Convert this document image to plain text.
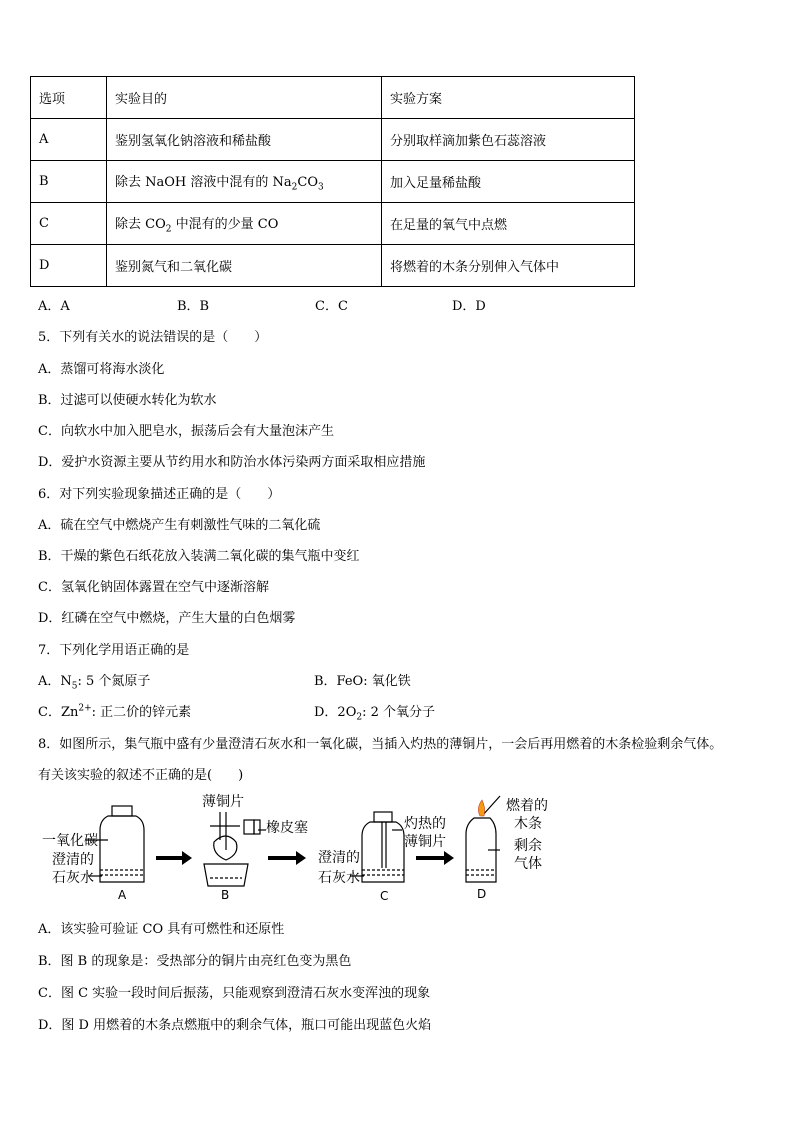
选项	实验目的	实验方案
A	鉴别氢氧化钠溶液和稀盐酸	分别取样滴加紫色石蕊溶液
B	除去 NaOH 溶液中混有的 $Na_2CO_3$	加入足量稀盐酸
C	除去 $CO_2$ 中混有的少量 CO	在足量的氧气中点燃
D	鉴别氮气和二氧化碳	将燃着的木条分别伸入气体中
A．A	B．B	C．C	D．D
5．下列有关水的说法错误的是（　　）
A．蒸馏可将海水淡化
B．过滤可以使硬水转化为软水
C．向软水中加入肥皂水，振荡后会有大量泡沫产生
D．爱护水资源主要从节约用水和防治水体污染两方面采取相应措施
6．对下列实验现象描述正确的是（　　）
A．硫在空气中燃烧产生有刺激性气味的二氧化硫
B．干燥的紫色石纸花放入装满二氧化碳的集气瓶中变红
C．氢氧化钠固体露置在空气中逐渐溶解
D．红磷在空气中燃烧，产生大量的白色烟雾
7．下列化学用语正确的是
A．$N_5$: 5 个氮原子	B．FeO: 氧化铁
C．$Zn^{2+}$: 正二价的锌元素	D．$2O_2$: 2 个氧分子
8．如图所示，集气瓶中盛有少量澄清石灰水和一氧化碳，当插入灼热的薄铜片，一会后再用燃着的木条检验剩余气体。
有关该实验的叙述不正确的是(　　)
一氧化碳
澄清的
石灰水
A
薄铜片
橡皮塞
B
澄清的
石灰水
灼热的
薄铜片
C
燃着的
木条
剩余
气体
D
A．该实验可验证 CO 具有可燃性和还原性
B．图 B 的现象是：受热部分的铜片由亮红色变为黑色
C．图 C 实验一段时间后振荡，只能观察到澄清石灰水变浑浊的现象
D．图 D 用燃着的木条点燃瓶中的剩余气体，瓶口可能出现蓝色火焰
